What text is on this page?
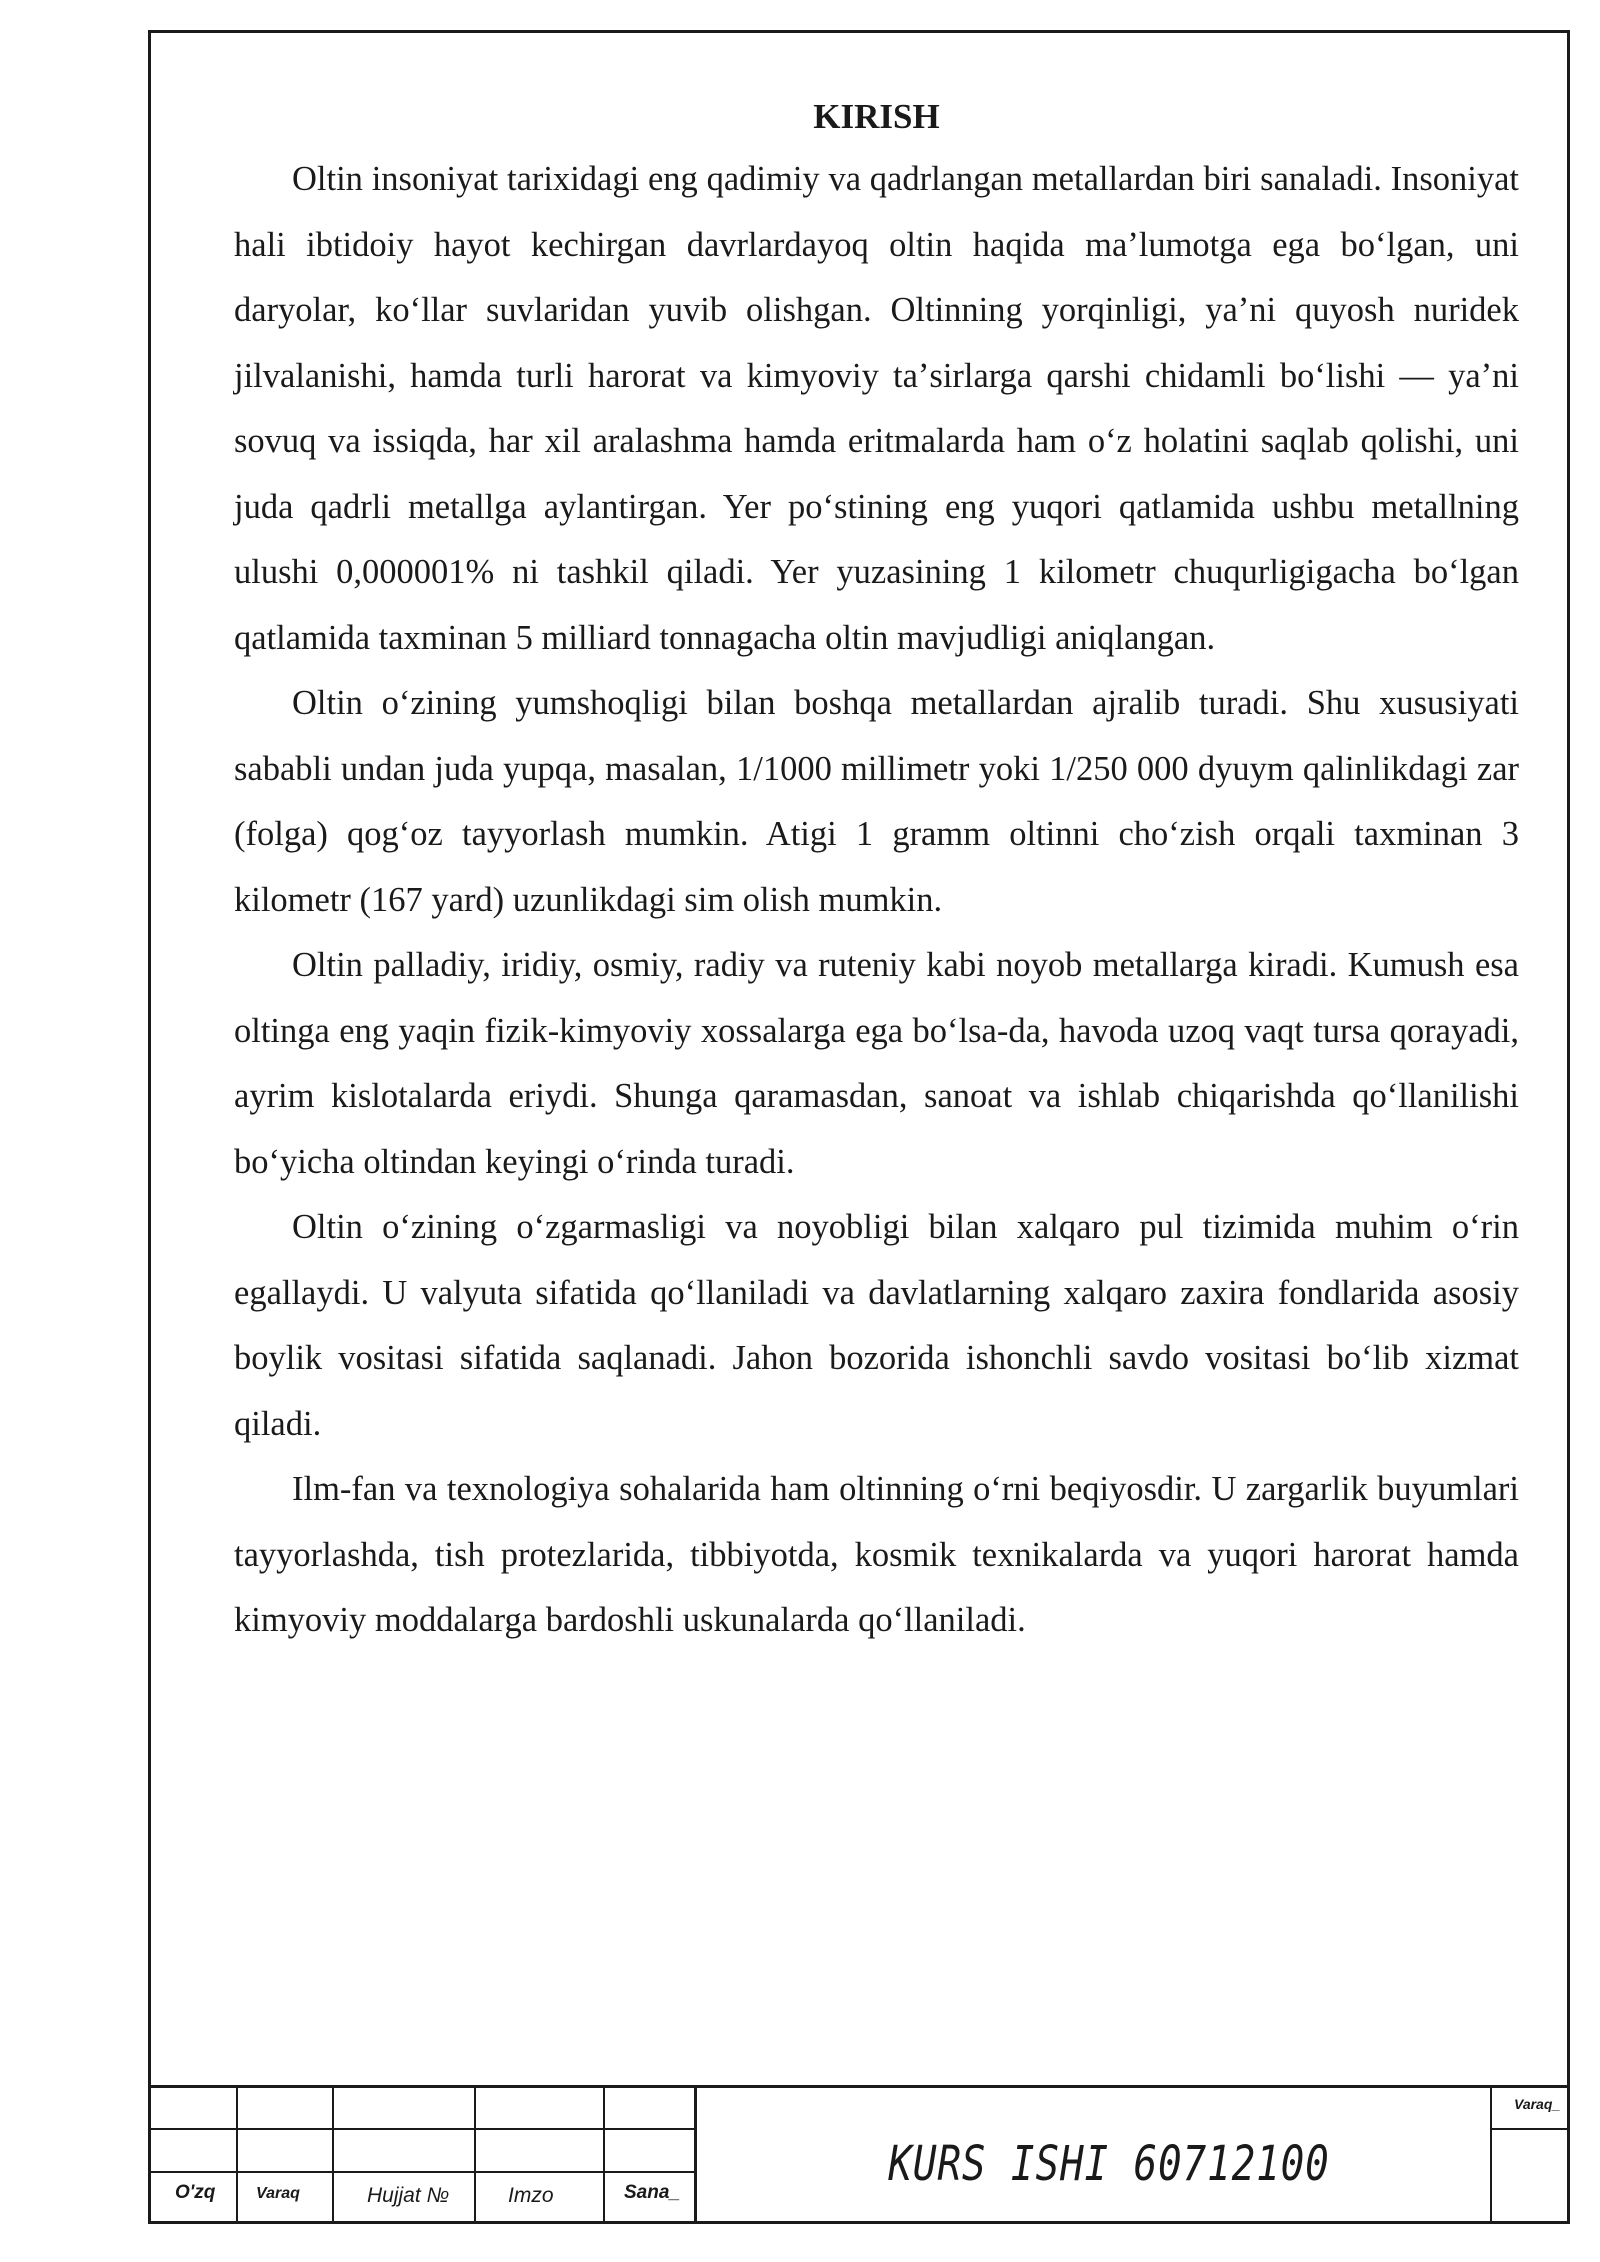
KIRISH

Oltin insoniyat tarixidagi eng qadimiy va qadrlangan metallardan biri sanaladi. Insoniyat hali ibtidoiy hayot kechirgan davrlardayoq oltin haqida maʼlumotga ega boʻlgan, uni daryolar, koʻllar suvlaridan yuvib olishgan. Oltinning yorqinligi, yaʼni quyosh nuridek jilvalanishi, hamda turli harorat va kimyoviy taʼsirlarga qarshi chidamli boʻlishi — yaʼni sovuq va issiqda, har xil aralashma hamda eritmalarda ham oʻz holatini saqlab qolishi, uni juda qadrli metallga aylantirgan. Yer poʻstining eng yuqori qatlamida ushbu metallning ulushi 0,000001% ni tashkil qiladi. Yer yuzasining 1 kilometr chuqurligigacha boʻlgan qatlamida taxminan 5 milliard tonnagacha oltin mavjudligi aniqlangan.

Oltin oʻzining yumshoqligi bilan boshqa metallardan ajralib turadi. Shu xususiyati sababli undan juda yupqa, masalan, 1/1000 millimetr yoki 1/250 000 dyuym qalinlikdagi zar (folga) qogʻoz tayyorlash mumkin. Atigi 1 gramm oltinni choʻzish orqali taxminan 3 kilometr (167 yard) uzunlikdagi sim olish mumkin.

Oltin palladiy, iridiy, osmiy, radiy va ruteniy kabi noyob metallarga kiradi. Kumush esa oltinga eng yaqin fizik-kimyoviy xossalarga ega boʻlsa-da, havoda uzoq vaqt tursa qorayadi, ayrim kislotalarda eriydi. Shunga qaramasdan, sanoat va ishlab chiqarishda qoʻllanilishi boʻyicha oltindan keyingi oʻrinda turadi.

Oltin oʻzining oʻzgarmasligi va noyobligi bilan xalqaro pul tizimida muhim oʻrin egallaydi. U valyuta sifatida qoʻllaniladi va davlatlarning xalqaro zaxira fondlarida asosiy boylik vositasi sifatida saqlanadi. Jahon bozorida ishonchli savdo vositasi boʻlib xizmat qiladi.

Ilm-fan va texnologiya sohalarida ham oltinning oʻrni beqiyosdir. U zargarlik buyumlari tayyorlashda, tish protezlarida, tibbiyotda, kosmik texnikalarda va yuqori harorat hamda kimyoviy moddalarga bardoshli uskunalarda qoʻllaniladi.

O'zq	Varaq	Hujjat №	Imzo	Sana_
KURS ISHI 60712100
Varaq_
